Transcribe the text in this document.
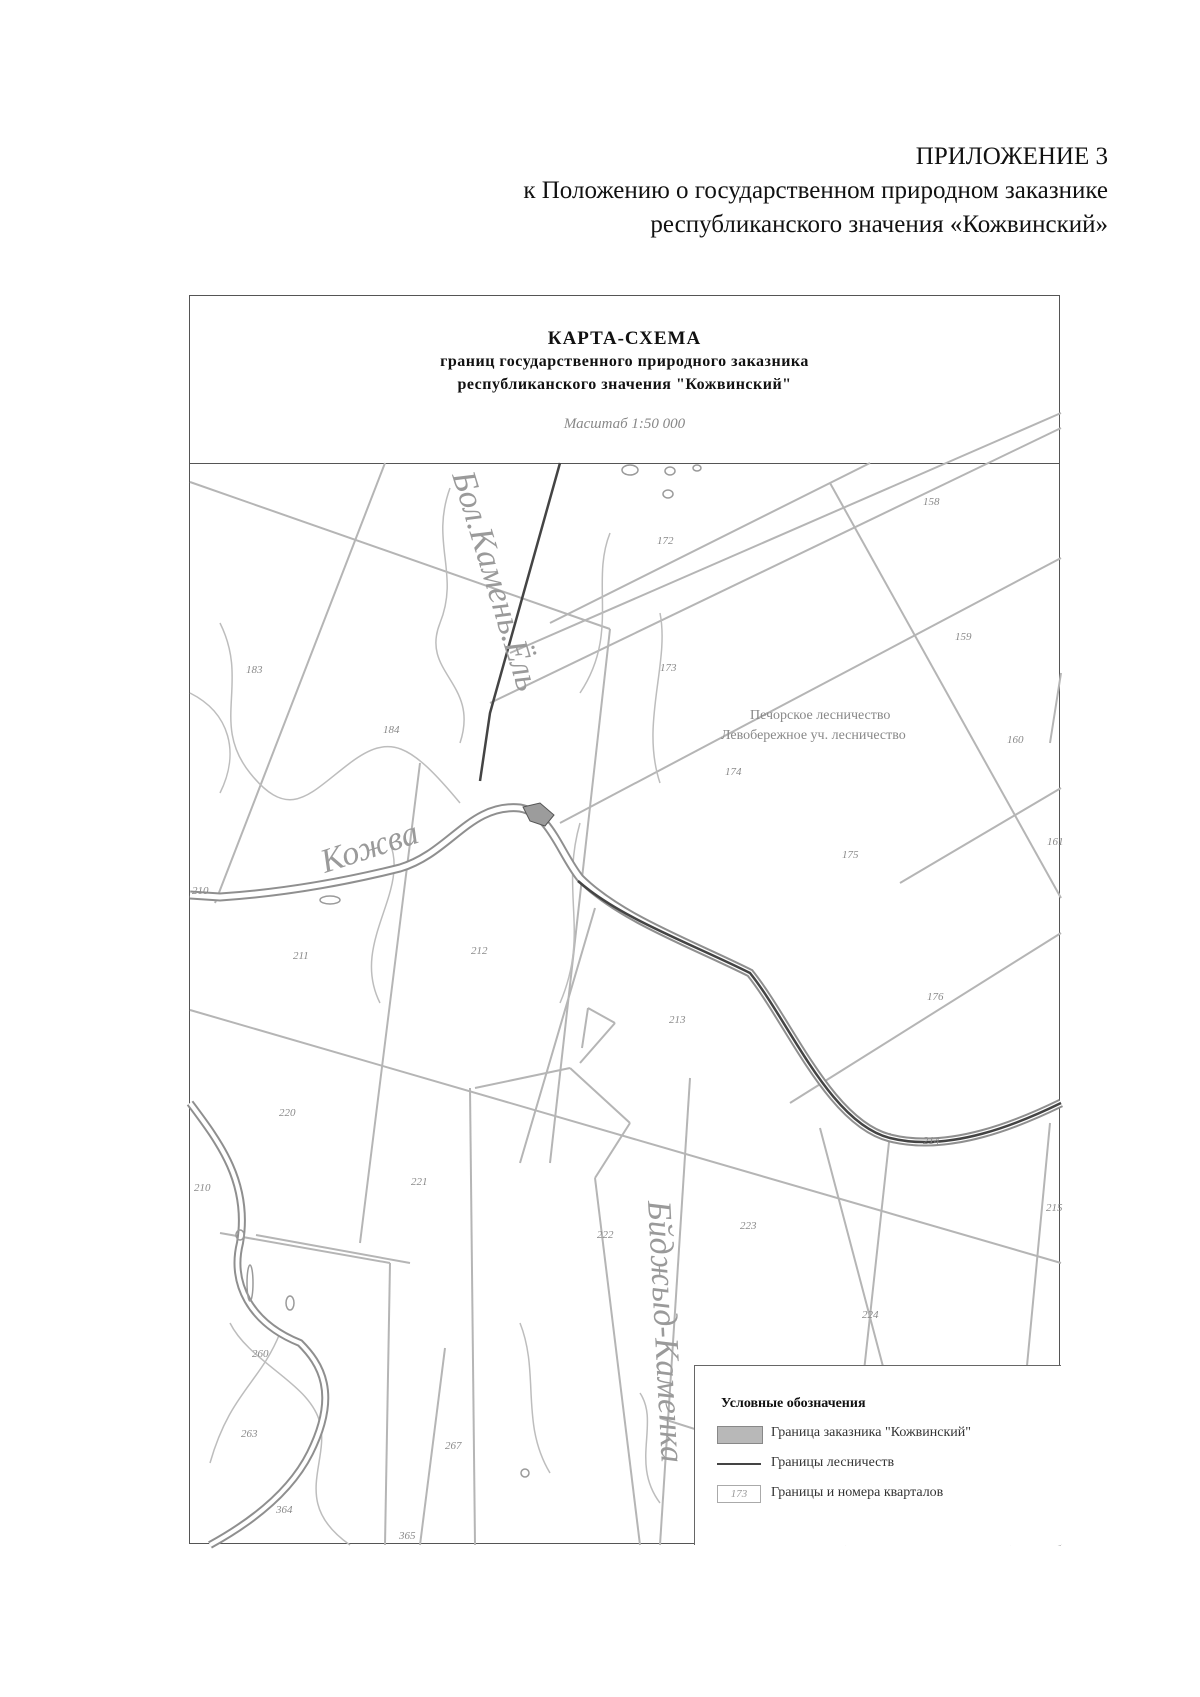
ПРИЛОЖЕНИЕ 3
к Положению о государственном природном заказнике
республиканского значения «Кожвинский»
КАРТА-СХЕМА
границ государственного природного заказника
республиканского значения "Кожвинский"
Масштаб 1:50 000
158
172
159
183	173
184
160
174
175
161
210
211	212
176
213
220
214
210	221
215
222
223
224
260
263
267
364
365
Бол.Камень.Ёль
Кожва
Бйджыд-Каменка
Печорское лесничество
Левобережное уч. лесничество
Условные обозначения
Граница заказника "Кожвинский"
Границы лесничеств
173	Границы и номера кварталов
